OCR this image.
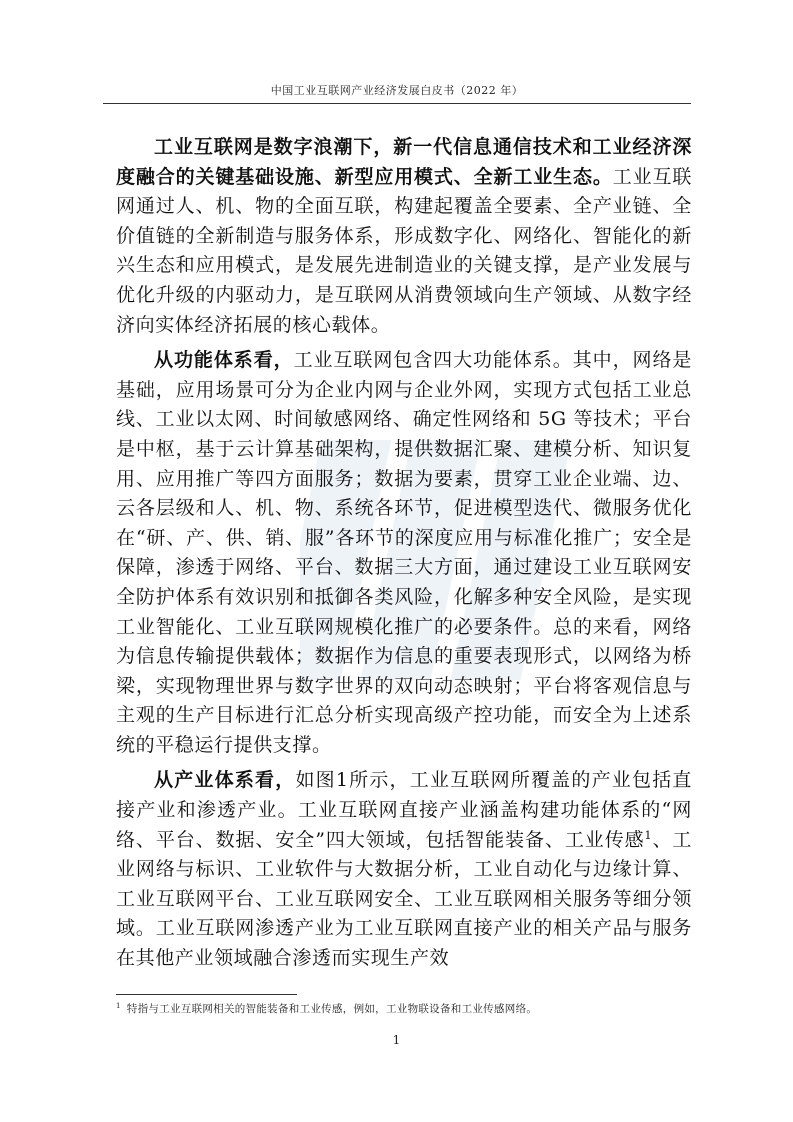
中国工业互联网产业经济发展白皮书（2022 年）

工业互联网是数字浪潮下，新一代信息通信技术和工业经济深度融合的关键基础设施、新型应用模式、全新工业生态。工业互联网通过人、机、物的全面互联，构建起覆盖全要素、全产业链、全价值链的全新制造与服务体系，形成数字化、网络化、智能化的新兴生态和应用模式，是发展先进制造业的关键支撑，是产业发展与优化升级的内驱动力，是互联网从消费领域向生产领域、从数字经济向实体经济拓展的核心载体。

从功能体系看，工业互联网包含四大功能体系。其中，网络是基础，应用场景可分为企业内网与企业外网，实现方式包括工业总线、工业以太网、时间敏感网络、确定性网络和 5G 等技术；平台是中枢，基于云计算基础架构，提供数据汇聚、建模分析、知识复用、应用推广等四方面服务；数据为要素，贯穿工业企业端、边、云各层级和人、机、物、系统各环节，促进模型迭代、微服务优化在“研、产、供、销、服”各环节的深度应用与标准化推广；安全是保障，渗透于网络、平台、数据三大方面，通过建设工业互联网安全防护体系有效识别和抵御各类风险，化解多种安全风险，是实现工业智能化、工业互联网规模化推广的必要条件。总的来看，网络为信息传输提供载体；数据作为信息的重要表现形式，以网络为桥梁，实现物理世界与数字世界的双向动态映射；平台将客观信息与主观的生产目标进行汇总分析实现高级产控功能，而安全为上述系统的平稳运行提供支撑。

从产业体系看，如图1所示，工业互联网所覆盖的产业包括直接产业和渗透产业。工业互联网直接产业涵盖构建功能体系的“网络、平台、数据、安全”四大领域，包括智能装备、工业传感$^1$、工业网络与标识、工业软件与大数据分析，工业自动化与边缘计算、工业互联网平台、工业互联网安全、工业互联网相关服务等细分领域。工业互联网渗透产业为工业互联网直接产业的相关产品与服务在其他产业领域融合渗透而实现生产效

$^1$ 特指与工业互联网相关的智能装备和工业传感，例如，工业物联设备和工业传感网络。
1
